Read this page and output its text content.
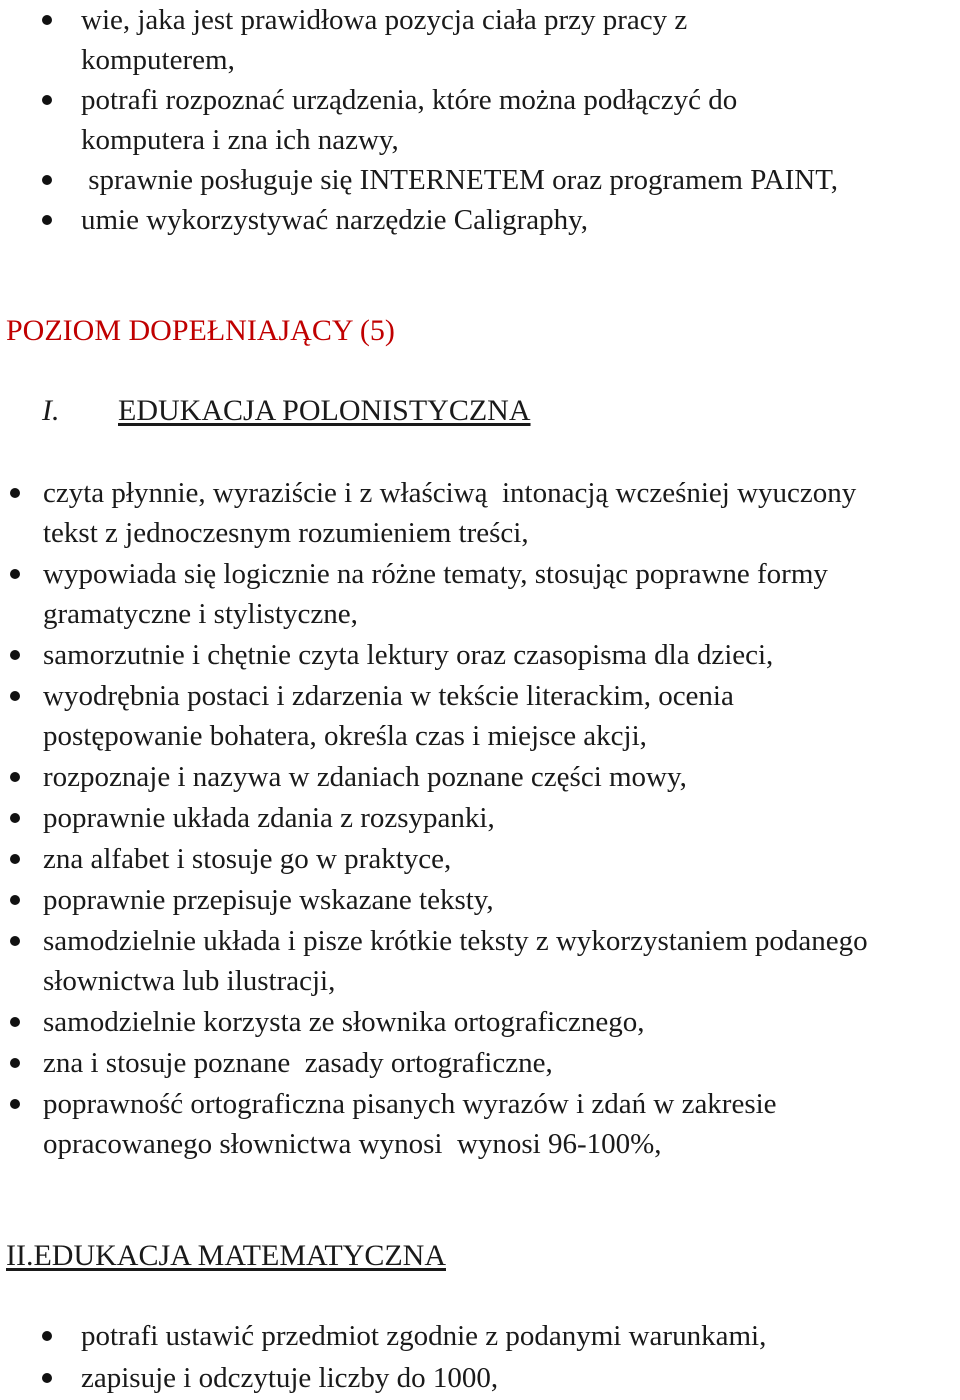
wie, jaka jest prawidłowa pozycja ciała przy pracy z komputerem,
potrafi rozpoznać urządzenia, które można podłączyć do komputera i zna ich nazwy,
sprawnie posługuje się INTERNETEM oraz programem PAINT,
umie wykorzystywać narzędzie Caligraphy,
POZIOM DOPEŁNIAJĄCY (5)
I. EDUKACJA POLONISTYCZNA
czyta płynnie, wyraziście i z właściwą  intonacją wcześniej wyuczony tekst z jednoczesnym rozumieniem treści,
wypowiada się logicznie na różne tematy, stosując poprawne formy gramatyczne i stylistyczne,
samorzutnie i chętnie czyta lektury oraz czasopisma dla dzieci,
wyodrębnia postaci i zdarzenia w tekście literackim, ocenia postępowanie bohatera, określa czas i miejsce akcji,
rozpoznaje i nazywa w zdaniach poznane części mowy,
poprawnie układa zdania z rozsypanki,
zna alfabet i stosuje go w praktyce,
poprawnie przepisuje wskazane teksty,
samodzielnie układa i pisze krótkie teksty z wykorzystaniem podanego słownictwa lub ilustracji,
samodzielnie korzysta ze słownika ortograficznego,
zna i stosuje poznane  zasady ortograficzne,
poprawność ortograficzna pisanych wyrazów i zdań w zakresie opracowanego słownictwa wynosi  wynosi 96-100%,
II.EDUKACJA MATEMATYCZNA
potrafi ustawić przedmiot zgodnie z podanymi warunkami,
zapisuje i odczytuje liczby do 1000,
